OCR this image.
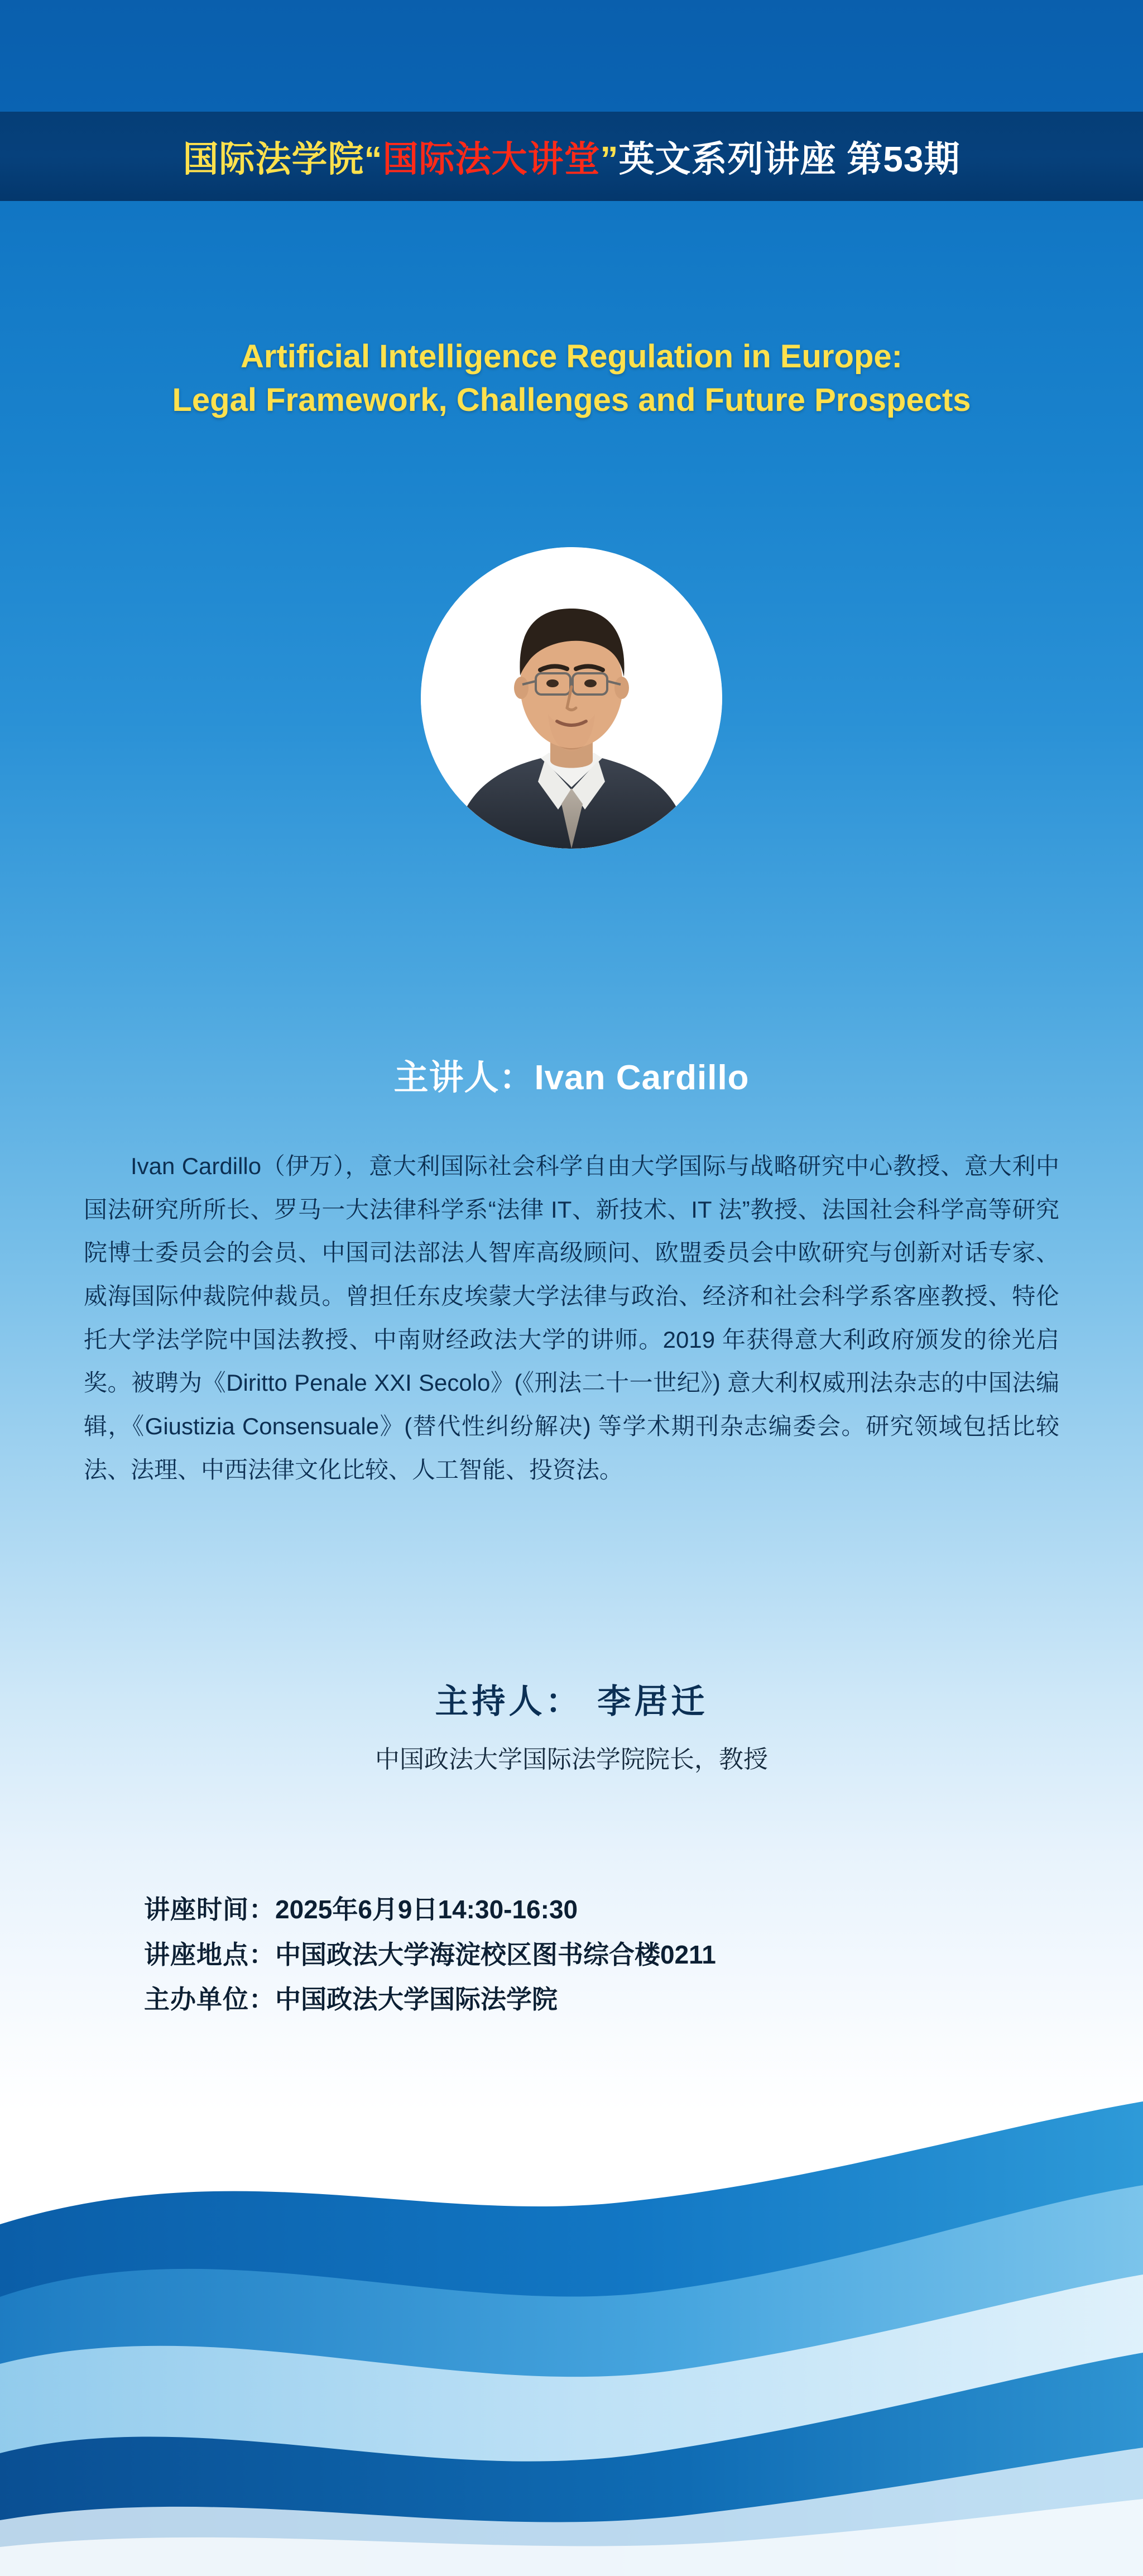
国际法学院“国际法大讲堂”英文系列讲座 第53期
Artificial Intelligence Regulation in Europe:
Legal Framework, Challenges and Future Prospects
主讲人：Ivan Cardillo
Ivan Cardillo（伊万），意大利国际社会科学自由大学国际与战略研究中心教授、意大利中国法研究所所长、罗马一大法律科学系“法律 IT、新技术、IT 法”教授、法国社会科学高等研究院博士委员会的会员、中国司法部法人智库高级顾问、欧盟委员会中欧研究与创新对话专家、威海国际仲裁院仲裁员。曾担任东皮埃蒙大学法律与政治、经济和社会科学系客座教授、特伦托大学法学院中国法教授、中南财经政法大学的讲师。2019 年获得意大利政府颁发的徐光启奖。被聘为《Diritto Penale XXI Secolo》(《刑法二十一世纪》) 意大利权威刑法杂志的中国法编辑，《Giustizia Consensuale》(替代性纠纷解决) 等学术期刊杂志编委会。研究领域包括比较法、法理、中西法律文化比较、人工智能、投资法。
主持人： 李居迁
中国政法大学国际法学院院长，教授
讲座时间：2025年6月9日14:30-16:30
讲座地点：中国政法大学海淀校区图书综合楼0211
主办单位：中国政法大学国际法学院
